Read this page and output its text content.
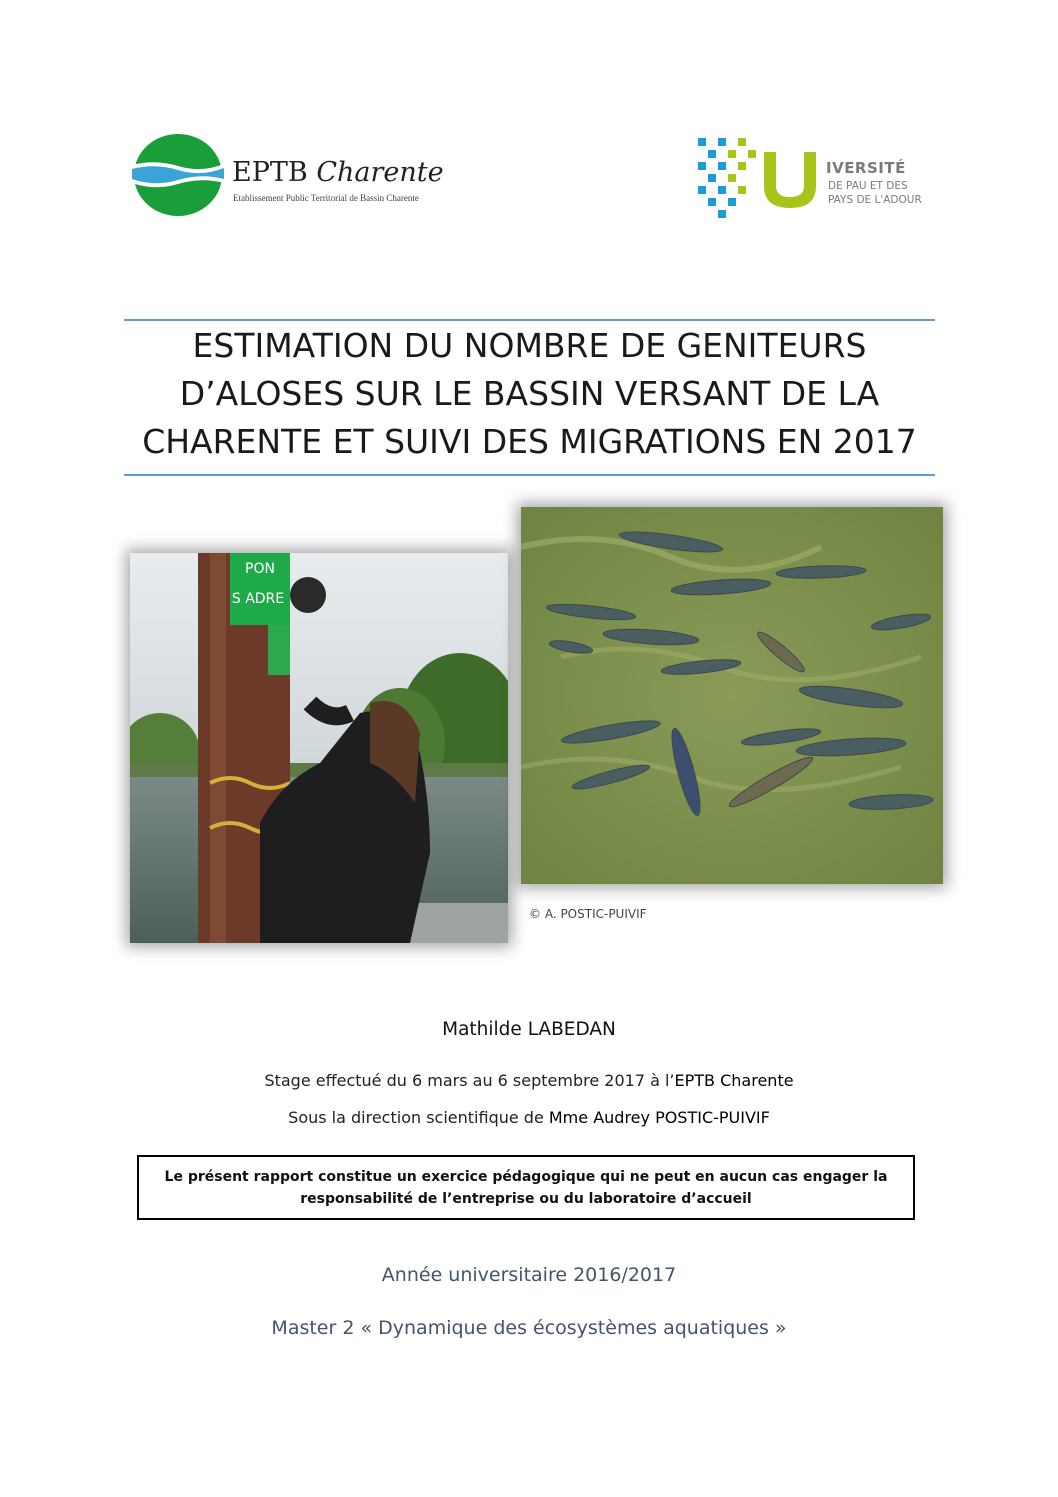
EPTB Charente
Etablissement Public Territorial de Bassin Charente
IVERSITÉ
DE PAU ET DES
PAYS DE L'ADOUR
ESTIMATION DU NOMBRE DE GENITEURS
D’ALOSES SUR LE BASSIN VERSANT DE LA
CHARENTE ET SUIVI DES MIGRATIONS EN 2017
PON
S ADRE
© A. POSTIC-PUIVIF
Mathilde LABEDAN
Stage effectué du 6 mars au 6 septembre 2017 à l’EPTB Charente
Sous la direction scientifique de Mme Audrey POSTIC-PUIVIF
Le présent rapport constitue un exercice pédagogique qui ne peut en aucun cas engager la
responsabilité de l’entreprise ou du laboratoire d’accueil
Année universitaire 2016/2017
Master 2 « Dynamique des écosystèmes aquatiques »
